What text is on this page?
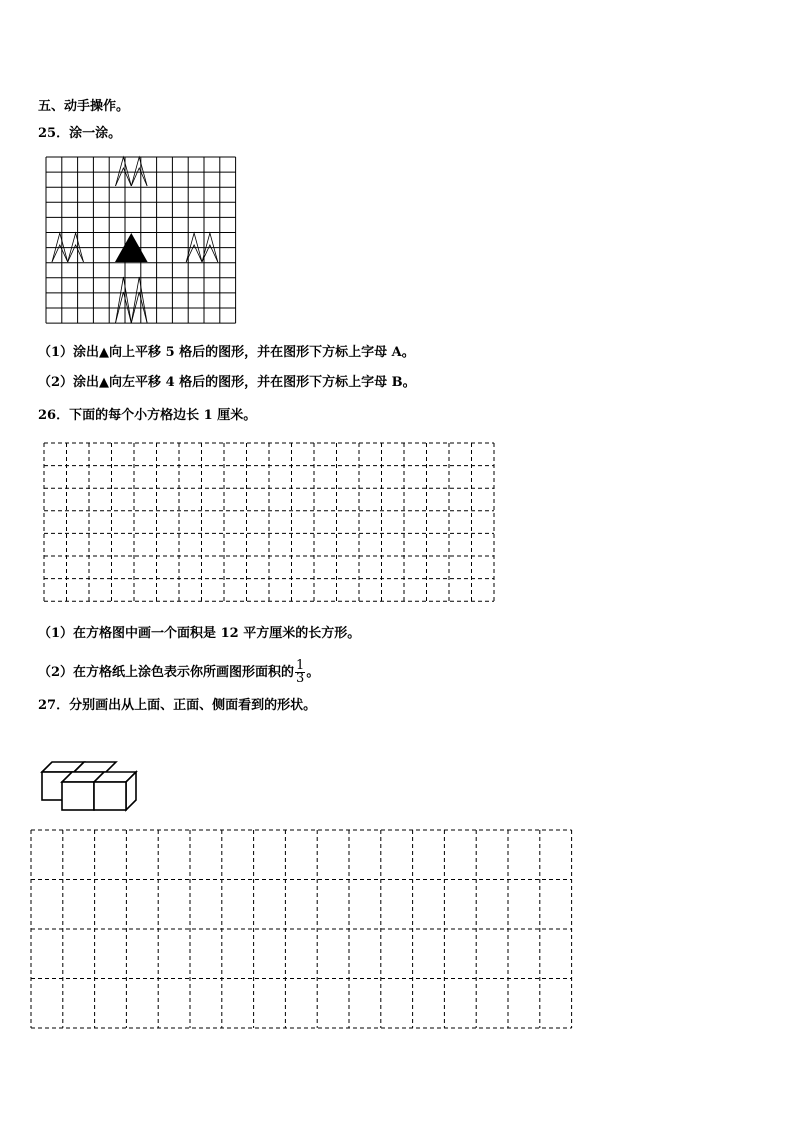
五、动手操作。
25．涂一涂。
（1）涂出▲向上平移 5 格后的图形，并在图形下方标上字母 A。
（2）涂出▲向左平移 4 格后的图形，并在图形下方标上字母 B。
26．下面的每个小方格边长 1 厘米。
（1）在方格图中画一个面积是 12 平方厘米的长方形。
（2）在方格纸上涂色表示你所画图形面积的 $\frac{1}{3}$ 。
27．分别画出从上面、正面、侧面看到的形状。
